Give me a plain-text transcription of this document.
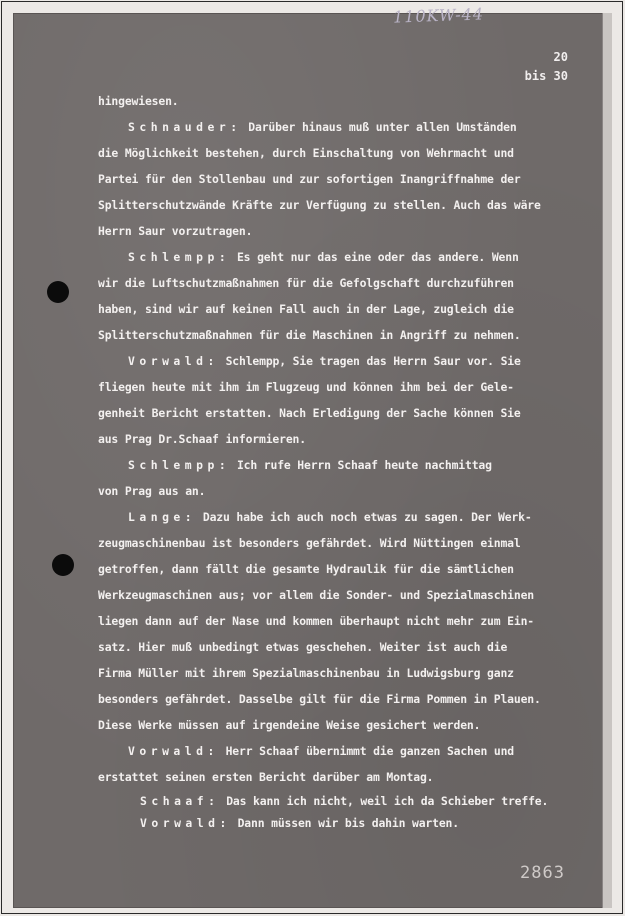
110KW-44
20
bis 30
hingewiesen.
Schnauder: Darüber hinaus muß unter allen Umständen
die Möglichkeit bestehen, durch Einschaltung von Wehrmacht und
Partei für den Stollenbau und zur sofortigen Inangriffnahme der
Splitterschutzwände Kräfte zur Verfügung zu stellen. Auch das wäre
Herrn Saur vorzutragen.
Schlempp: Es geht nur das eine oder das andere. Wenn
wir die Luftschutzmaßnahmen für die Gefolgschaft durchzuführen
haben, sind wir auf keinen Fall auch in der Lage, zugleich die
Splitterschutzmaßnahmen für die Maschinen in Angriff zu nehmen.
Vorwald: Schlempp, Sie tragen das Herrn Saur vor. Sie
fliegen heute mit ihm im Flugzeug und können ihm bei der Gele-
genheit Bericht erstatten. Nach Erledigung der Sache können Sie
aus Prag Dr.Schaaf informieren.
Schlempp: Ich rufe Herrn Schaaf heute nachmittag
von Prag aus an.
Lange: Dazu habe ich auch noch etwas zu sagen. Der Werk-
zeugmaschinenbau ist besonders gefährdet. Wird Nüttingen einmal
getroffen, dann fällt die gesamte Hydraulik für die sämtlichen
Werkzeugmaschinen aus; vor allem die Sonder- und Spezialmaschinen
liegen dann auf der Nase und kommen überhaupt nicht mehr zum Ein-
satz. Hier muß unbedingt etwas geschehen. Weiter ist auch die
Firma Müller mit ihrem Spezialmaschinenbau in Ludwigsburg ganz
besonders gefährdet. Dasselbe gilt für die Firma Pommen in Plauen.
Diese Werke müssen auf irgendeine Weise gesichert werden.
Vorwald: Herr Schaaf übernimmt die ganzen Sachen und
erstattet seinen ersten Bericht darüber am Montag.
Schaaf: Das kann ich nicht, weil ich da Schieber treffe.
Vorwald: Dann müssen wir bis dahin warten.
2863
